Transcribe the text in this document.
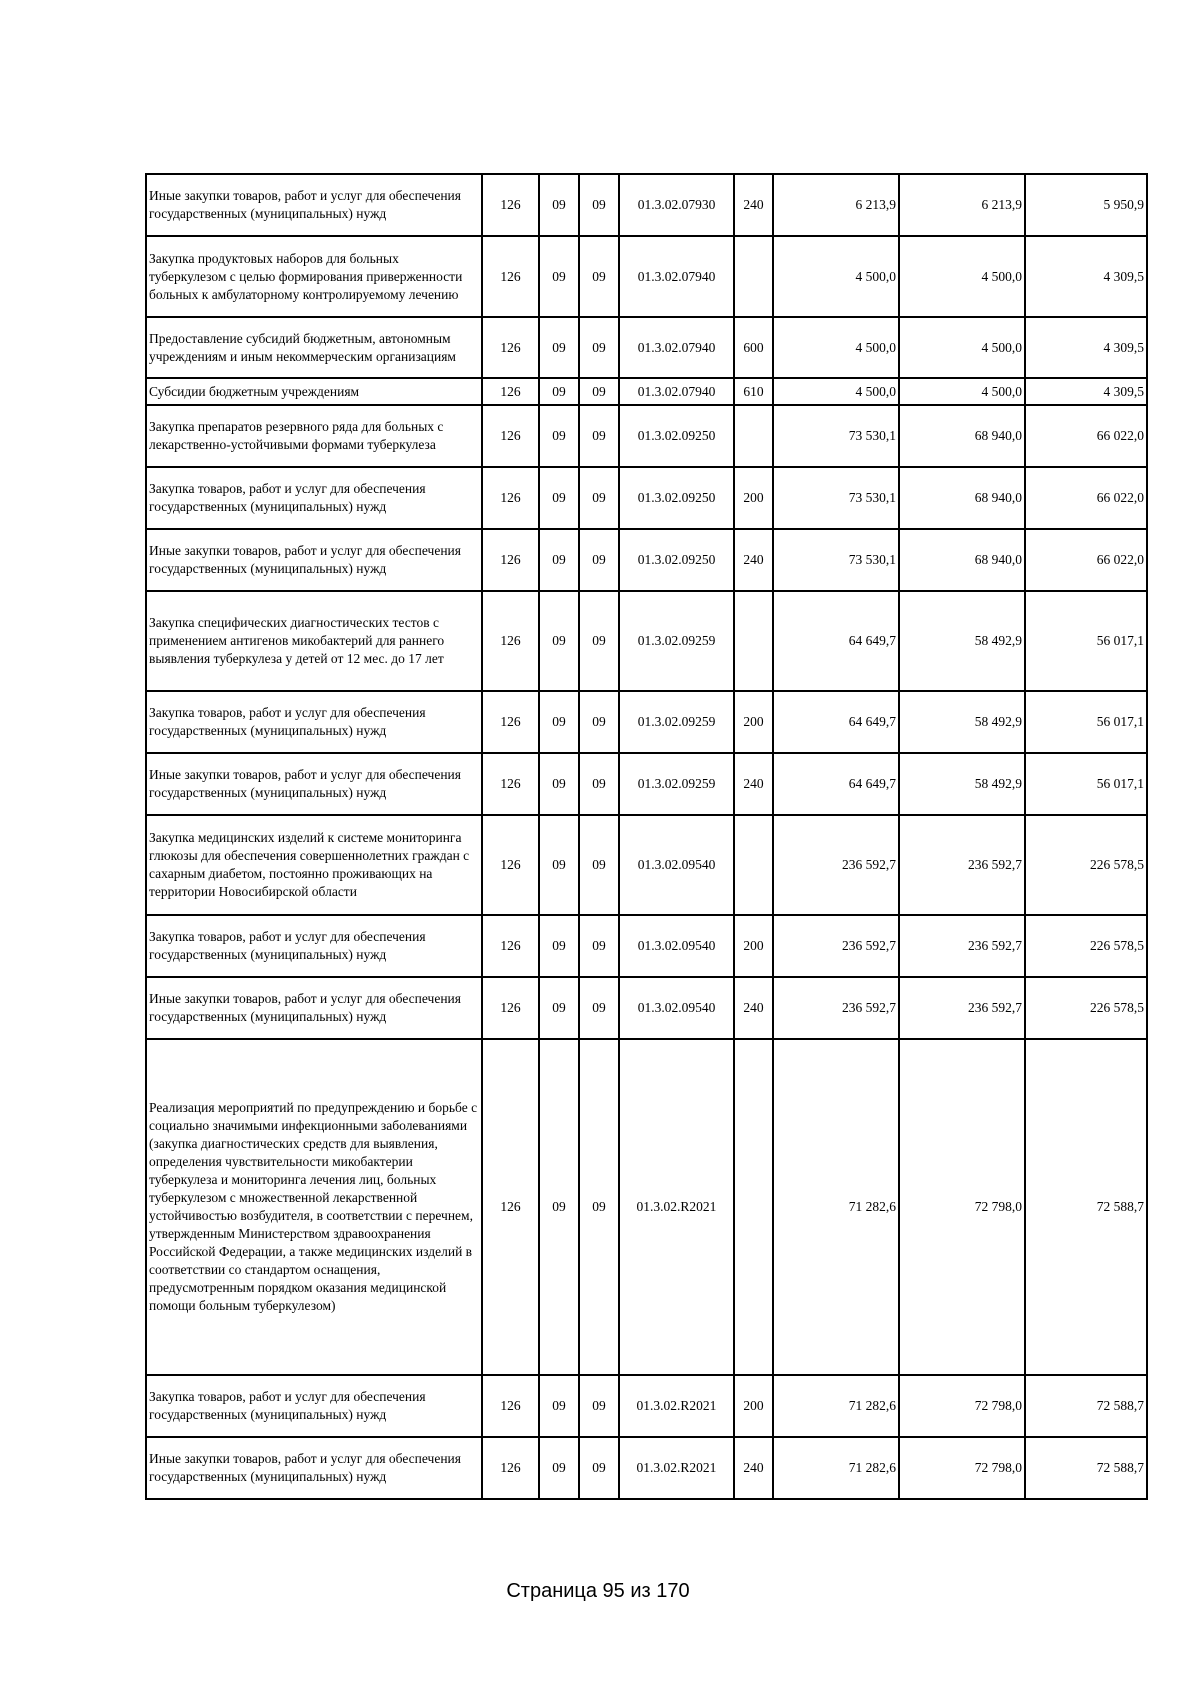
Иные закупки товаров, работ и услуг для обеспечения государственных (муниципальных) нужд	126	09	09	01.3.02.07930	240	6 213,9	6 213,9	5 950,9
Закупка продуктовых наборов для больных туберкулезом с целью формирования приверженности больных к амбулаторному контролируемому лечению	126	09	09	01.3.02.07940		4 500,0	4 500,0	4 309,5
Предоставление субсидий бюджетным, автономным учреждениям и иным некоммерческим организациям	126	09	09	01.3.02.07940	600	4 500,0	4 500,0	4 309,5
Субсидии бюджетным учреждениям	126	09	09	01.3.02.07940	610	4 500,0	4 500,0	4 309,5
Закупка препаратов резервного ряда для больных с лекарственно-устойчивыми формами туберкулеза	126	09	09	01.3.02.09250		73 530,1	68 940,0	66 022,0
Закупка товаров, работ и услуг для обеспечения государственных (муниципальных) нужд	126	09	09	01.3.02.09250	200	73 530,1	68 940,0	66 022,0
Иные закупки товаров, работ и услуг для обеспечения государственных (муниципальных) нужд	126	09	09	01.3.02.09250	240	73 530,1	68 940,0	66 022,0
Закупка специфических диагностических тестов с применением антигенов микобактерий для раннего выявления туберкулеза у детей от 12 мес. до 17 лет	126	09	09	01.3.02.09259		64 649,7	58 492,9	56 017,1
Закупка товаров, работ и услуг для обеспечения государственных (муниципальных) нужд	126	09	09	01.3.02.09259	200	64 649,7	58 492,9	56 017,1
Иные закупки товаров, работ и услуг для обеспечения государственных (муниципальных) нужд	126	09	09	01.3.02.09259	240	64 649,7	58 492,9	56 017,1
Закупка медицинских изделий к системе мониторинга глюкозы для обеспечения совершеннолетних граждан с сахарным диабетом, постоянно проживающих на территории Новосибирской области	126	09	09	01.3.02.09540		236 592,7	236 592,7	226 578,5
Закупка товаров, работ и услуг для обеспечения государственных (муниципальных) нужд	126	09	09	01.3.02.09540	200	236 592,7	236 592,7	226 578,5
Иные закупки товаров, работ и услуг для обеспечения государственных (муниципальных) нужд	126	09	09	01.3.02.09540	240	236 592,7	236 592,7	226 578,5
Реализация мероприятий по предупреждению и борьбе с социально значимыми инфекционными заболеваниями (закупка диагностических средств для выявления, определения чувствительности микобактерии туберкулеза и мониторинга лечения лиц, больных туберкулезом с множественной лекарственной устойчивостью возбудителя, в соответствии с перечнем, утвержденным Министерством здравоохранения Российской Федерации, а также медицинских изделий в соответствии со стандартом оснащения, предусмотренным порядком оказания медицинской помощи больным туберкулезом)	126	09	09	01.3.02.R2021		71 282,6	72 798,0	72 588,7
Закупка товаров, работ и услуг для обеспечения государственных (муниципальных) нужд	126	09	09	01.3.02.R2021	200	71 282,6	72 798,0	72 588,7
Иные закупки товаров, работ и услуг для обеспечения государственных (муниципальных) нужд	126	09	09	01.3.02.R2021	240	71 282,6	72 798,0	72 588,7
Страница 95 из 170
